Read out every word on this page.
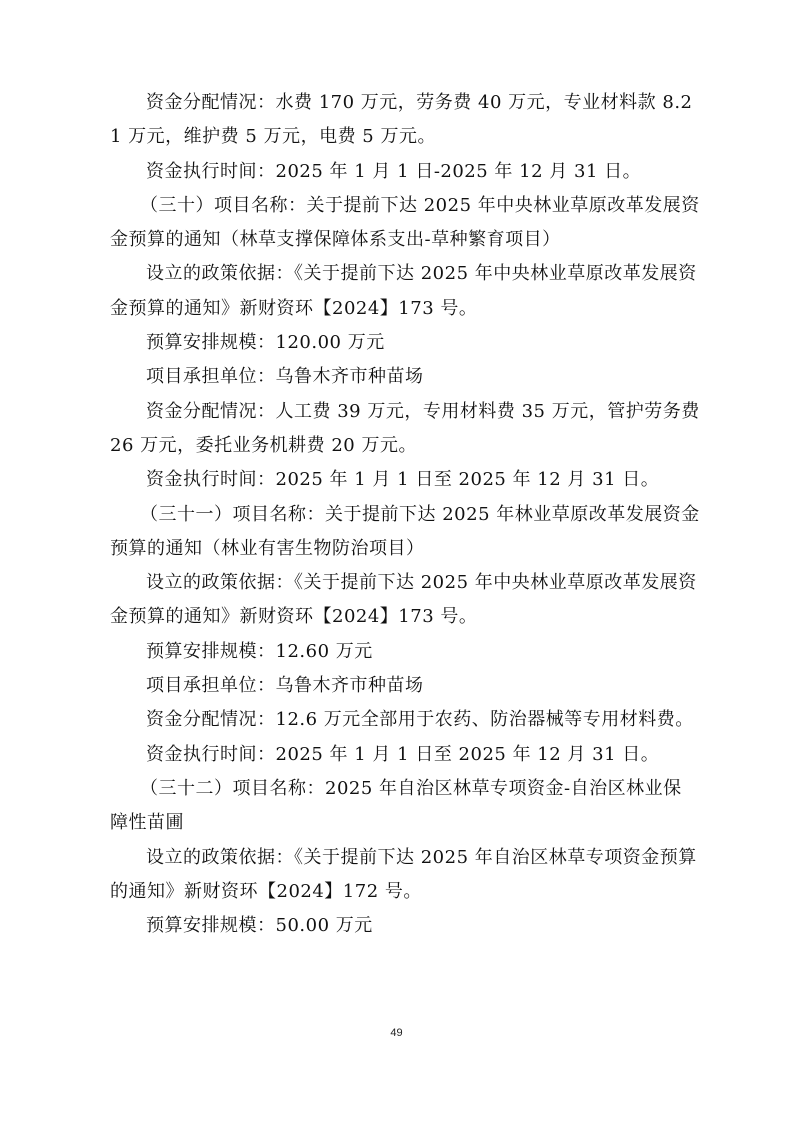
资金分配情况：水费 170 万元，劳务费 40 万元，专业材料款 8.21 万元，维护费 5 万元，电费 5 万元。

资金执行时间：2025 年 1 月 1 日-2025 年 12 月 31 日。

（三十）项目名称：关于提前下达 2025 年中央林业草原改革发展资金预算的通知（林草支撑保障体系支出-草种繁育项目）

设立的政策依据：《关于提前下达 2025 年中央林业草原改革发展资金预算的通知》新财资环【2024】173 号。

预算安排规模：120.00 万元

项目承担单位：乌鲁木齐市种苗场

资金分配情况：人工费 39 万元，专用材料费 35 万元，管护劳务费 26 万元，委托业务机耕费 20 万元。

资金执行时间：2025 年 1 月 1 日至 2025 年 12 月 31 日。

（三十一）项目名称：关于提前下达 2025 年林业草原改革发展资金预算的通知（林业有害生物防治项目）

设立的政策依据：《关于提前下达 2025 年中央林业草原改革发展资金预算的通知》新财资环【2024】173 号。

预算安排规模：12.60 万元

项目承担单位：乌鲁木齐市种苗场

资金分配情况：12.6 万元全部用于农药、防治器械等专用材料费。

资金执行时间：2025 年 1 月 1 日至 2025 年 12 月 31 日。

（三十二）项目名称：2025 年自治区林草专项资金-自治区林业保障性苗圃

设立的政策依据：《关于提前下达 2025 年自治区林草专项资金预算的通知》新财资环【2024】172 号。

预算安排规模：50.00 万元

49
